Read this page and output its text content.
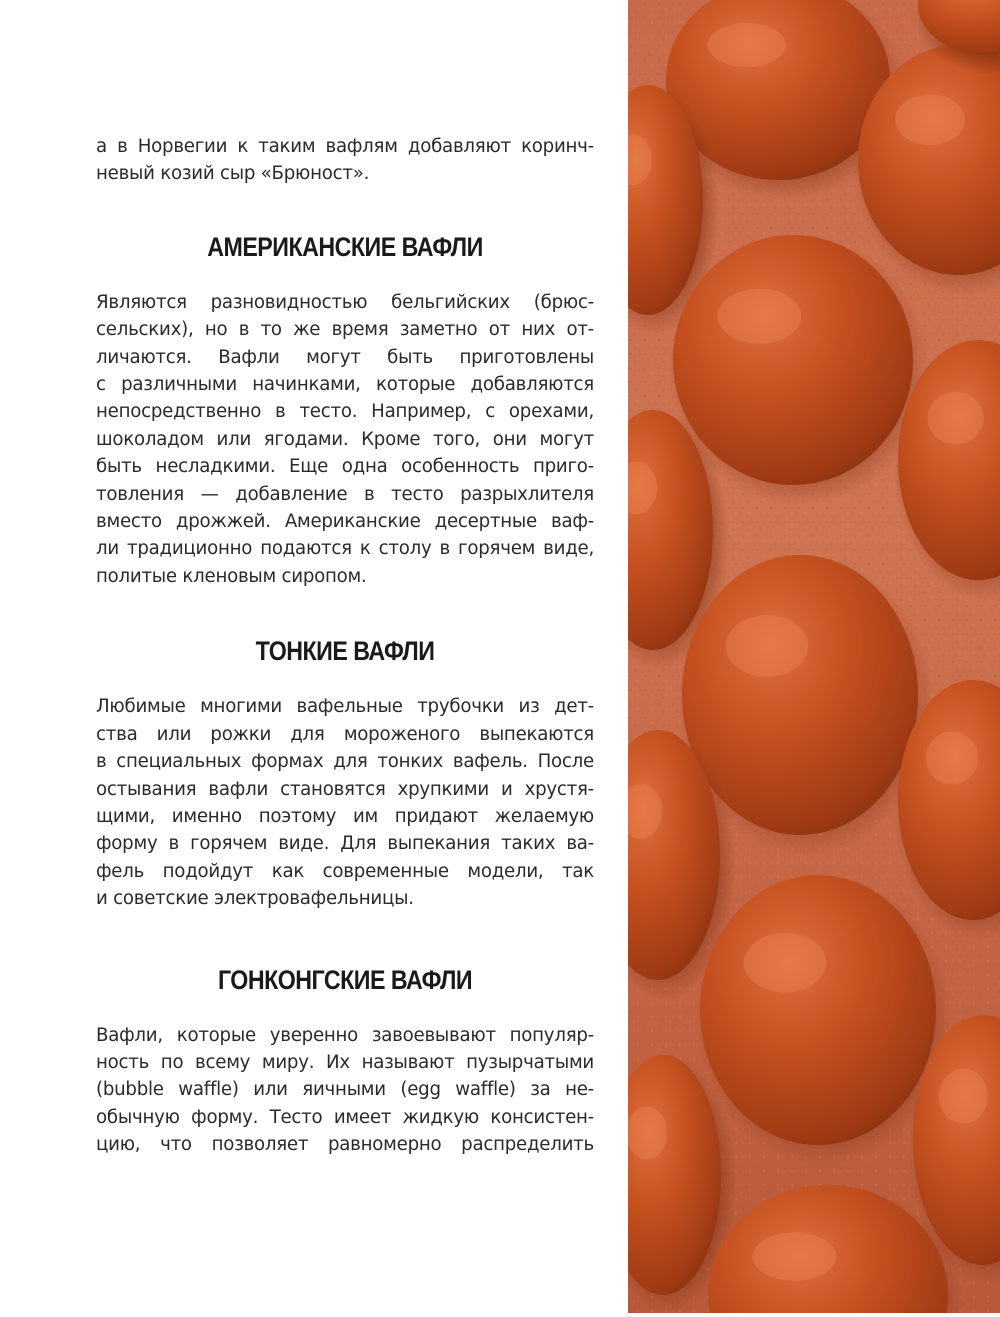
а в Норвегии к таким вафлям добавляют коринч-
невый козий сыр «Брюност».

АМЕРИКАНСКИЕ ВАФЛИ

Являются разновидностью бельгийских (брюс-
сельских), но в то же время заметно от них от-
личаются. Вафли могут быть приготовлены
с различными начинками, которые добавляются
непосредственно в тесто. Например, с орехами,
шоколадом или ягодами. Кроме того, они могут
быть несладкими. Еще одна особенность приго-
товления — добавление в тесто разрыхлителя
вместо дрожжей. Американские десертные ваф-
ли традиционно подаются к столу в горячем виде,
политые кленовым сиропом.

ТОНКИЕ ВАФЛИ

Любимые многими вафельные трубочки из дет-
ства или рожки для мороженого выпекаются
в специальных формах для тонких вафель. После
остывания вафли становятся хрупкими и хрустя-
щими, именно поэтому им придают желаемую
форму в горячем виде. Для выпекания таких ва-
фель подойдут как современные модели, так
и советские электровафельницы.

ГОНКОНГСКИЕ ВАФЛИ

Вафли, которые уверенно завоевывают популяр-
ность по всему миру. Их называют пузырчатыми
(bubble waffle) или яичными (egg waffle) за не-
обычную форму. Тесто имеет жидкую консистен-
цию, что позволяет равномерно распределить
